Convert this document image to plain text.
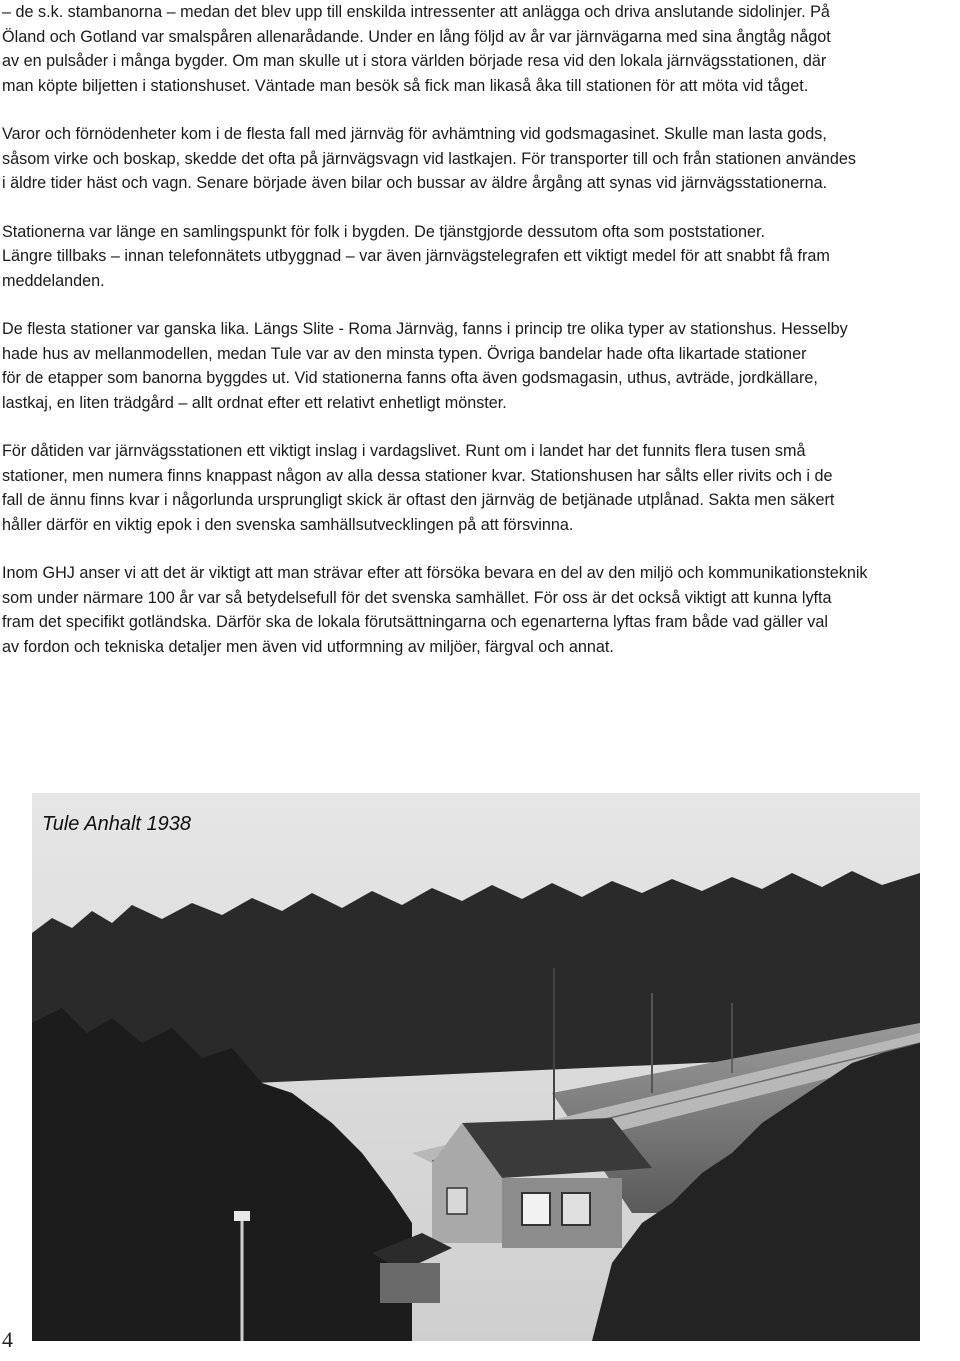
– de s.k. stambanorna – medan det blev upp till enskilda intressenter att anlägga och driva anslutande sidolinjer. På
Öland och Gotland var smalspåren allenarådande. Under en lång följd av år var järnvägarna med sina ångtåg något
av en pulsåder i många bygder. Om man skulle ut i stora världen började resa vid den lokala järnvägsstationen, där
man köpte biljetten i stationshuset. Väntade man besök så fick man likaså åka till stationen för att möta vid tåget.

Varor och förnödenheter kom i de flesta fall med järnväg för avhämtning vid godsmagasinet. Skulle man lasta gods,
såsom virke och boskap, skedde det ofta på järnvägsvagn vid lastkajen. För transporter till och från stationen användes
i äldre tider häst och vagn. Senare började även bilar och bussar av äldre årgång att synas vid järnvägsstationerna.

Stationerna var länge en samlingspunkt för folk i bygden. De tjänstgjorde dessutom ofta som poststationer.
Längre tillbaks – innan telefonnätets utbyggnad – var även järnvägstelegrafen ett viktigt medel för att snabbt få fram
meddelanden.

De flesta stationer var ganska lika. Längs Slite - Roma Järnväg, fanns i princip tre olika typer av stationshus. Hesselby
hade hus av mellanmodellen, medan Tule var av den minsta typen. Övriga bandelar hade ofta likartade stationer
för de etapper som banorna byggdes ut. Vid stationerna fanns ofta även godsmagasin, uthus, avträde, jordkällare,
lastkaj, en liten trädgård – allt ordnat efter ett relativt enhetligt mönster.

För dåtiden var järnvägsstationen ett viktigt inslag i vardagslivet. Runt om i landet har det funnits flera tusen små
stationer, men numera finns knappast någon av alla dessa stationer kvar. Stationshusen har sålts eller rivits och i de
fall de ännu finns kvar i någorlunda ursprungligt skick är oftast den järnväg de betjänade utplånad. Sakta men säkert
håller därför en viktig epok i den svenska samhällsutvecklingen på att försvinna.

Inom GHJ anser vi att det är viktigt att man strävar efter att försöka bevara en del av den miljö och kommunikationsteknik
som under närmare 100 år var så betydelsefull för det svenska samhället. För oss är det också viktigt att kunna lyfta
fram det specifikt gotländska. Därför ska de lokala förutsättningarna och egenarterna lyftas fram både vad gäller val
av fordon och tekniska detaljer men även vid utformning av miljöer, färgval och annat.

Tule Anhalt 1938
4
